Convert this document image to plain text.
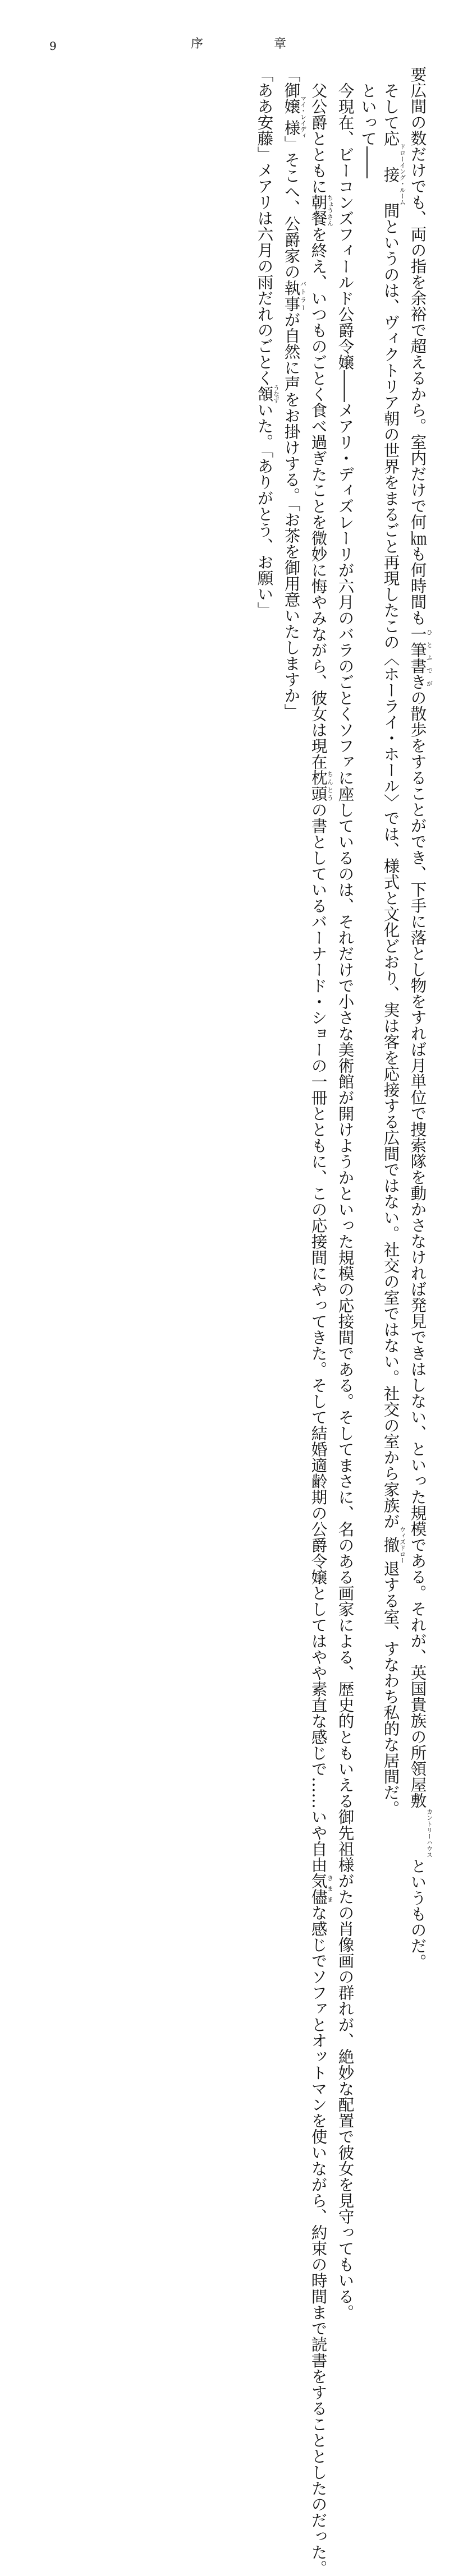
9	序	章

要広間の数だけでも、両の指を余裕で超えるから。室内だけで何㎞も何時間も一筆書きひとふでがの散歩をすることができ、下手に落とし物をすれば月単位で捜索隊を動かさなければ発見できはしない、といった規模である。それが、英国貴族の所領屋敷カントリーハウスというものだ。

そして応接ドローイング・ルーム間というのは、ヴィクトリア朝の世界をまるごと再現したこの〈ホーライ・ホール〉では、様式と文化どおり、実は客を応接する広間ではない。社交の室ではない。社交の室から家族が撤ウィズドロー退する室、すなわち私的な居間だ。

といって――

今現在、ビーコンズフィールド公爵令嬢――メアリ・ディズレーリが六月のバラのごとくソファに座しているのは、それだけで小さな美術館が開けようかといった規模の応接間である。そしてまさに、名のある画家による、歴史的ともいえる御先祖様がたの肖像画の群れが、絶妙な配置で彼女を見守ってもいる。

父公爵とともに朝餐ちょうさんを終え、いつものごとく食べ過ぎたことを微妙に悔やみながら、彼女は現在枕頭ちんとうの書としているバーナード・ショーの一冊とともに、この応接間にやってきた。そして結婚適齢期の公爵令嬢としてはやや素直な感じで……いや自由気儘きままな感じでソファとオットマンを使いながら、約束の時間まで読書をすることとしたのだった。

「御嬢様マイ・レイディ」そこへ、公爵家の執事バトラーが自然に声をお掛けする。「お茶を御用意いたしますか」

「ああ安藤」メアリは六月の雨だれのごとく頷うなずいた。「ありがとう、お願い」
